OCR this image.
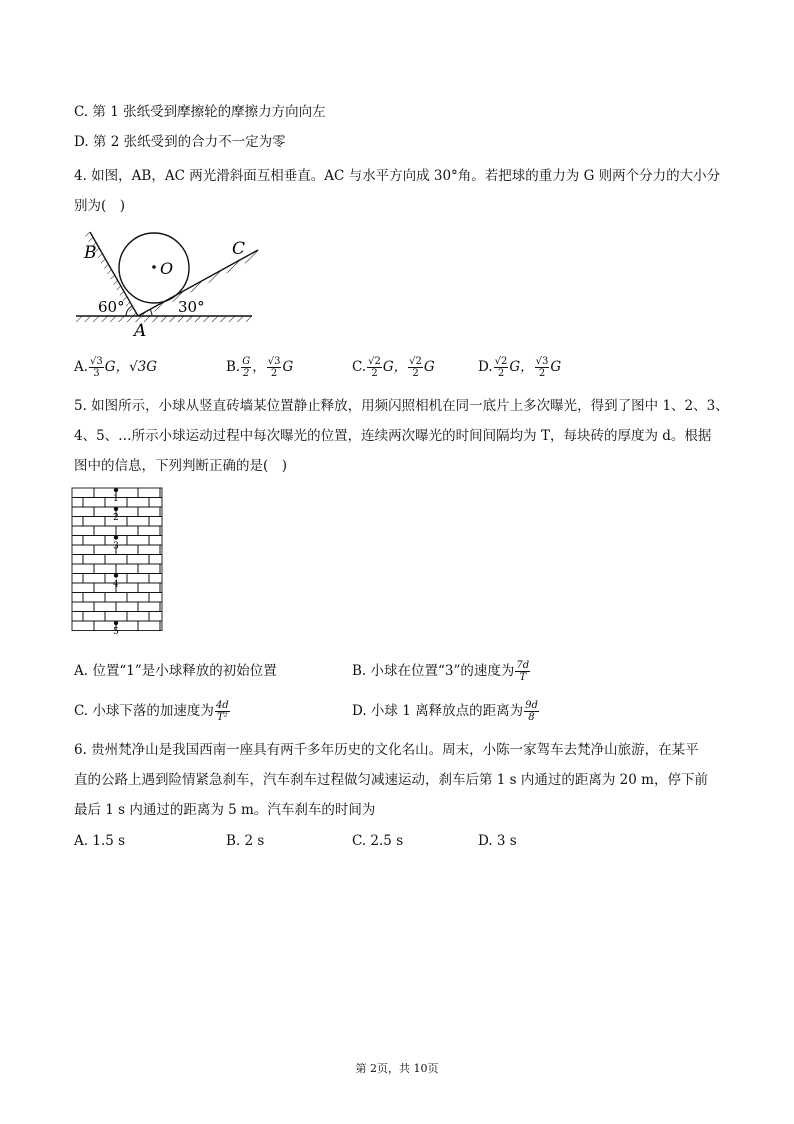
C. 第 1 张纸受到摩擦轮的摩擦力方向向左
D. 第 2 张纸受到的合力不一定为零
4. 如图，AB，AC 两光滑斜面互相垂直。AC 与水平方向成 30°角。若把球的重力为 G 则两个分力的大小分
别为(　)
B	C
O
A
60°	30°
A. $\frac{√3}{3}$ G，√3G	B. $\frac{G}{2}$ ， $\frac{√3}{2}$ G	C. $\frac{√2}{2}$ G， $\frac{√2}{2}$ G	D. $\frac{√2}{2}$ G， $\frac{√3}{2}$ G
5. 如图所示，小球从竖直砖墙某位置静止释放，用频闪照相机在同一底片上多次曝光，得到了图中 1、2、3、
4、5、…所示小球运动过程中每次曝光的位置，连续两次曝光的时间间隔均为 T，每块砖的厚度为 d。根据
图中的信息，下列判断正确的是(　)
1
2
3
4
5
A. 位置“1”是小球释放的初始位置	B. 小球在位置“3”的速度为 $\frac{7d}{T}$
C. 小球下落的加速度为 $\frac{4d}{\text{T²}}$	D. 小球 1 离释放点的距离为 $\frac{9d}{8}$
6. 贵州梵净山是我国西南一座具有两千多年历史的文化名山。周末，小陈一家驾车去梵净山旅游，在某平
直的公路上遇到险情紧急刹车，汽车刹车过程做匀减速运动，刹车后第 1 s 内通过的距离为 20 m，停下前
最后 1 s 内通过的距离为 5 m。汽车刹车的时间为
A. 1.5 s	B. 2 s	C. 2.5 s	D. 3 s
第 2页，共 10页
